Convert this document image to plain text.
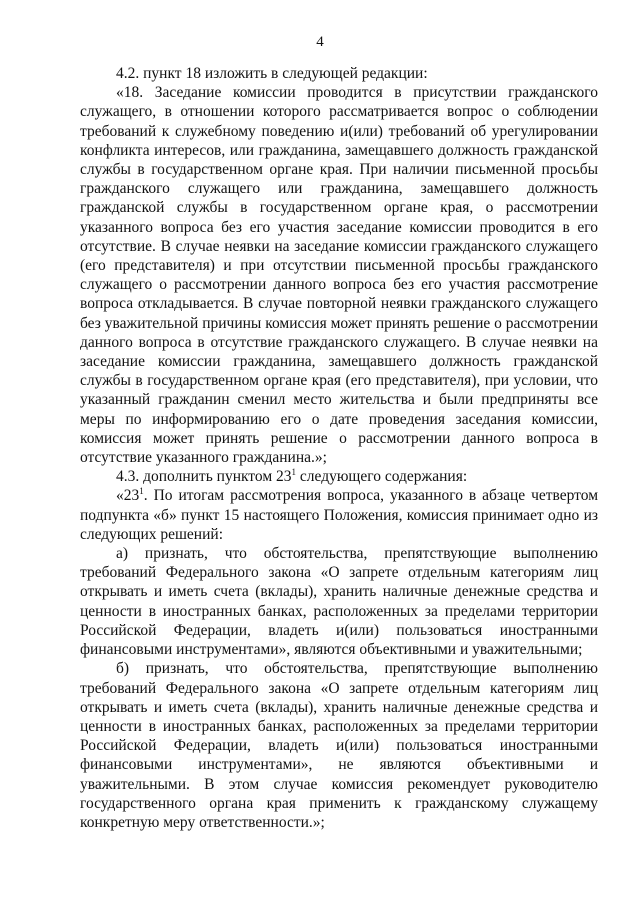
4

4.2. пункт 18 изложить в следующей редакции:

«18. Заседание комиссии проводится в присутствии гражданского служащего, в отношении которого рассматривается вопрос о соблюдении требований к служебному поведению и(или) требований об урегулировании конфликта интересов, или гражданина, замещавшего должность гражданской службы в государственном органе края. При наличии письменной просьбы гражданского служащего или гражданина, замещавшего должность гражданской службы в государственном органе края, о рассмотрении указанного вопроса без его участия заседание комиссии проводится в его отсутствие. В случае неявки на заседание комиссии гражданского служащего (его представителя) и при отсутствии письменной просьбы гражданского служащего о рассмотрении данного вопроса без его участия рассмотрение вопроса откладывается. В случае повторной неявки гражданского служащего без уважительной причины комиссия может принять решение о рассмотрении данного вопроса в отсутствие гражданского служащего. В случае неявки на заседание комиссии гражданина, замещавшего должность гражданской службы в государственном органе края (его представителя), при условии, что указанный гражданин сменил место жительства и были предприняты все меры по информированию его о дате проведения заседания комиссии, комиссия может принять решение о рассмотрении данного вопроса в отсутствие указанного гражданина.»;

4.3. дополнить пунктом $23^1$ следующего содержания:

«$23^1$. По итогам рассмотрения вопроса, указанного в абзаце четвертом подпункта «б» пункт 15 настоящего Положения, комиссия принимает одно из следующих решений:

а) признать, что обстоятельства, препятствующие выполнению требований Федерального закона «О запрете отдельным категориям лиц открывать и иметь счета (вклады), хранить наличные денежные средства и ценности в иностранных банках, расположенных за пределами территории Российской Федерации, владеть и(или) пользоваться иностранными финансовыми инструментами», являются объективными и уважительными;

б) признать, что обстоятельства, препятствующие выполнению требований Федерального закона «О запрете отдельным категориям лиц открывать и иметь счета (вклады), хранить наличные денежные средства и ценности в иностранных банках, расположенных за пределами территории Российской Федерации, владеть и(или) пользоваться иностранными финансовыми инструментами», не являются объективными и уважительными. В этом случае комиссия рекомендует руководителю государственного органа края применить к гражданскому служащему конкретную меру ответственности.»;
